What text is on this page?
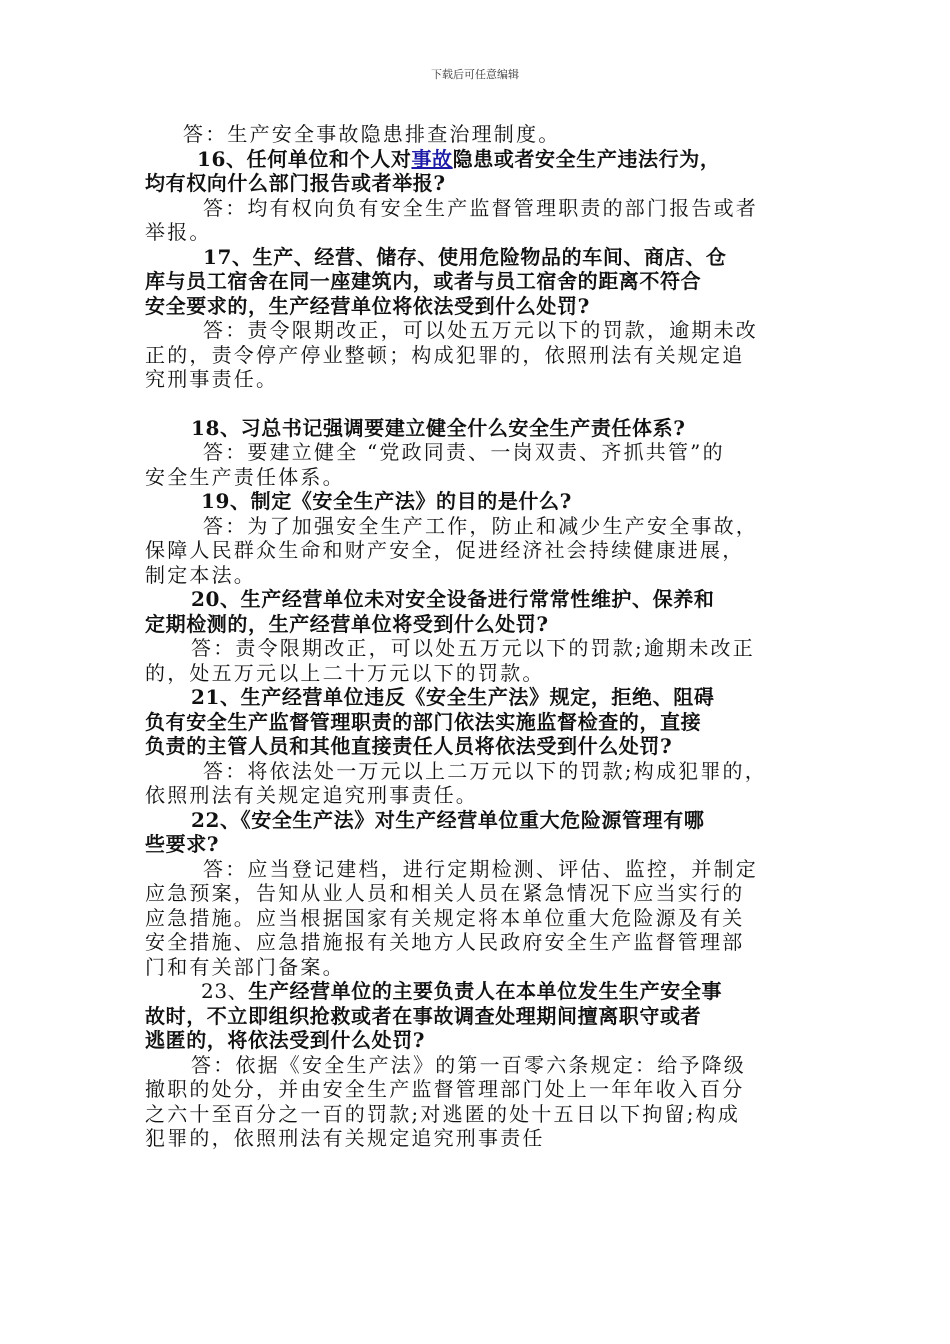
下载后可任意编辑
答：生产安全事故隐患排查治理制度。
16、任何单位和个人对事故隐患或者安全生产违法行为，
均有权向什么部门报告或者举报?
答：均有权向负有安全生产监督管理职责的部门报告或者
举报。
17、生产、经营、储存、使用危险物品的车间、商店、仓
库与员工宿舍在同一座建筑内，或者与员工宿舍的距离不符合
安全要求的，生产经营单位将依法受到什么处罚?
答：责令限期改正，可以处五万元以下的罚款，逾期未改
正的，责令停产停业整顿；构成犯罪的，依照刑法有关规定追
究刑事责任。
18、习总书记强调要建立健全什么安全生产责任体系?
答：要建立健全 “党政同责、一岗双责、齐抓共管”的
安全生产责任体系。
19、制定《安全生产法》的目的是什么?
答：为了加强安全生产工作，防止和减少生产安全事故，
保障人民群众生命和财产安全，促进经济社会持续健康进展，
制定本法。
20、生产经营单位未对安全设备进行常常性维护、保养和
定期检测的，生产经营单位将受到什么处罚?
答：责令限期改正，可以处五万元以下的罚款;逾期未改正
的，处五万元以上二十万元以下的罚款。
21、生产经营单位违反《安全生产法》规定，拒绝、阻碍
负有安全生产监督管理职责的部门依法实施监督检查的，直接
负责的主管人员和其他直接责任人员将依法受到什么处罚?
答：将依法处一万元以上二万元以下的罚款;构成犯罪的，
依照刑法有关规定追究刑事责任。
22、《安全生产法》对生产经营单位重大危险源管理有哪
些要求?
答：应当登记建档，进行定期检测、评估、监控，并制定
应急预案，告知从业人员和相关人员在紧急情况下应当实行的
应急措施。应当根据国家有关规定将本单位重大危险源及有关
安全措施、应急措施报有关地方人民政府安全生产监督管理部
门和有关部门备案。
23、生产经营单位的主要负责人在本单位发生生产安全事
故时，不立即组织抢救或者在事故调查处理期间擅离职守或者
逃匿的，将依法受到什么处罚?
答：依据《安全生产法》的第一百零六条规定：给予降级
撤职的处分，并由安全生产监督管理部门处上一年年收入百分
之六十至百分之一百的罚款;对逃匿的处十五日以下拘留;构成
犯罪的，依照刑法有关规定追究刑事责任
